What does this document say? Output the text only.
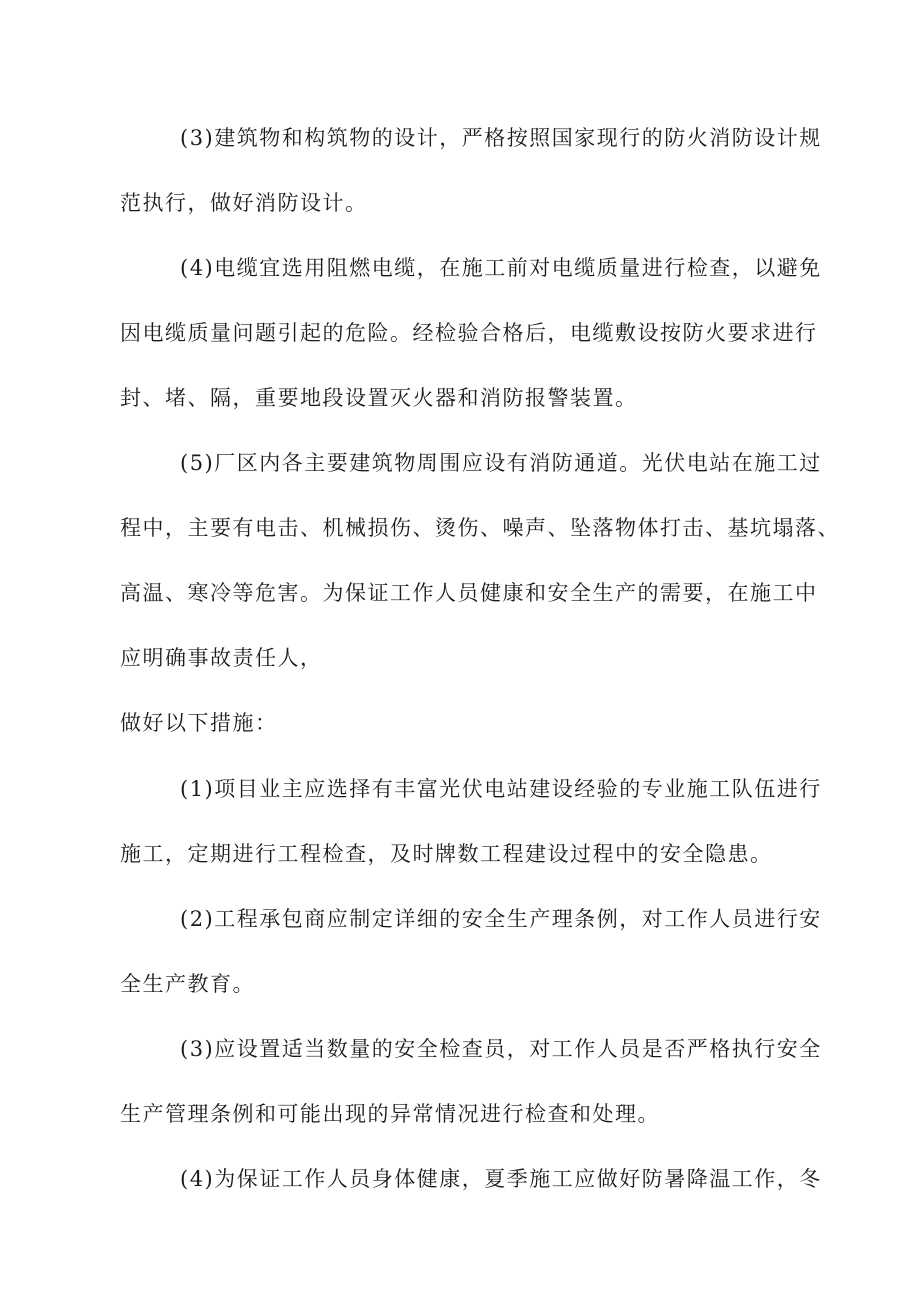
(3)建筑物和构筑物的设计，严格按照国家现行的防火消防设计规
范执行，做好消防设计。
(4)电缆宜选用阻燃电缆，在施工前对电缆质量进行检查，以避免
因电缆质量问题引起的危险。经检验合格后，电缆敷设按防火要求进行
封、堵、隔，重要地段设置灭火器和消防报警装置。
(5)厂区内各主要建筑物周围应设有消防通道。光伏电站在施工过
程中，主要有电击、机械损伤、烫伤、噪声、坠落物体打击、基坑塌落、
高温、寒冷等危害。为保证工作人员健康和安全生产的需要，在施工中
应明确事故责任人，
做好以下措施：
(1)项目业主应选择有丰富光伏电站建设经验的专业施工队伍进行
施工，定期进行工程检查，及时牌数工程建设过程中的安全隐患。
(2)工程承包商应制定详细的安全生产理条例，对工作人员进行安
全生产教育。
(3)应设置适当数量的安全检查员，对工作人员是否严格执行安全
生产管理条例和可能出现的异常情况进行检查和处理。
(4)为保证工作人员身体健康，夏季施工应做好防暑降温工作，冬
